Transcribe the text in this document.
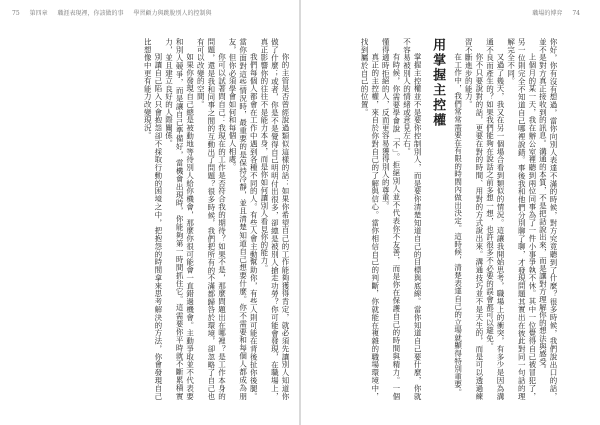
75 第四章 職涯表現裡，你該做的事 學習顧力與跳脫別人的控制與

你的主管是否曾經說過類似這樣的話：如果你希望自己的工作能夠獲得肯定，就必須先讓別人知道你做了什麼；或者，你是不是覺得自己明明付出很多，卻總是被別人搶走功勞？你可能會發現，在職場上，真正影響你的往往不是能力本身，而是你如何讓別人看見你的能力。

我們每個人都會在工作中遇到各種不同的人。有些人會主動幫助你，有些人則可能在背後扯你後腿。當你面對這些情況時，最重要的是保持冷靜，並且清楚知道自己想要什麼。你不需要和每個人都成為朋友，但你必須學會如何和每個人相處。

你可以試著問自己：我現在的工作是否符合我的期待？如果不是，那麼問題出在哪裡？是工作本身的問題，還是我和同事之間的互動出了問題？很多時候，我們把所有的不滿都歸咎於環境，卻忽略了自己也有可以改變的空間。

如果你發現自己總是被動地等待別人給你機會，那麼你很可能會一直錯過機會。主動爭取並不代表要和別人競爭，而是讓自己準備好，當機會出現時，你能夠第一時間抓住它。這需要你平時就不斷累積實力，並且建立良好的人際關係。

別讓自己陷入只會抱怨卻不採取行動的困境之中，把抱怨的時間拿來思考解決的方法，你會發現自己比想像中更有能力改變現況。

職場的博弈 74

你好，你有沒有想過，當你向別人表達不滿的時候，對方究竟聽到了什麼？很多時候，我們說出口的話，並不是對方真正接收到的訊息。溝通的本質，不是把話說出來，而是讓對方理解你的想法與感受。

上個月的某一天，我在辦公室裡聽到兩位同事為了一件小事爭執不休。其中一位覺得自己被冒犯了，另一位則完全不知道自己哪裡說錯。事後我和他們分別聊了聊，才發現問題其實出在彼此對同一句話的理解完全不同。

又過了幾天，我又在另一個場合看到類似的情況。這讓我開始思考，職場上的衝突，有多少是因為溝通不良而產生的？如果我們能夠在說話之前多想一想，也許很多不必要的誤會都可以避免。

你不只要說對的話，更要在對的時間、用對的方式說出來。溝通技巧並不是天生的，而是可以透過練習不斷進步的能力。

在工作中，我們常常需要在有限的時間內做出決定。這時候，清楚表達自己的立場就顯得特別重要。

用掌握主控權

掌握主控權並不是要你控制別人，而是要你清楚知道自己的目標與底線。當你知道自己要什麼，你就不容易被別人的情緒或意見左右。

有時候，你需要學會說「不」。拒絕別人並不代表你不友善，而是你在保護自己的時間與精力。一個懂得適時拒絕的人，反而更容易獲得別人的尊重。

真正的主控權，來自於你對自己的了解與信心。當你相信自己的判斷，你就能在複雜的職場環境中，找到屬於自己的位置。
